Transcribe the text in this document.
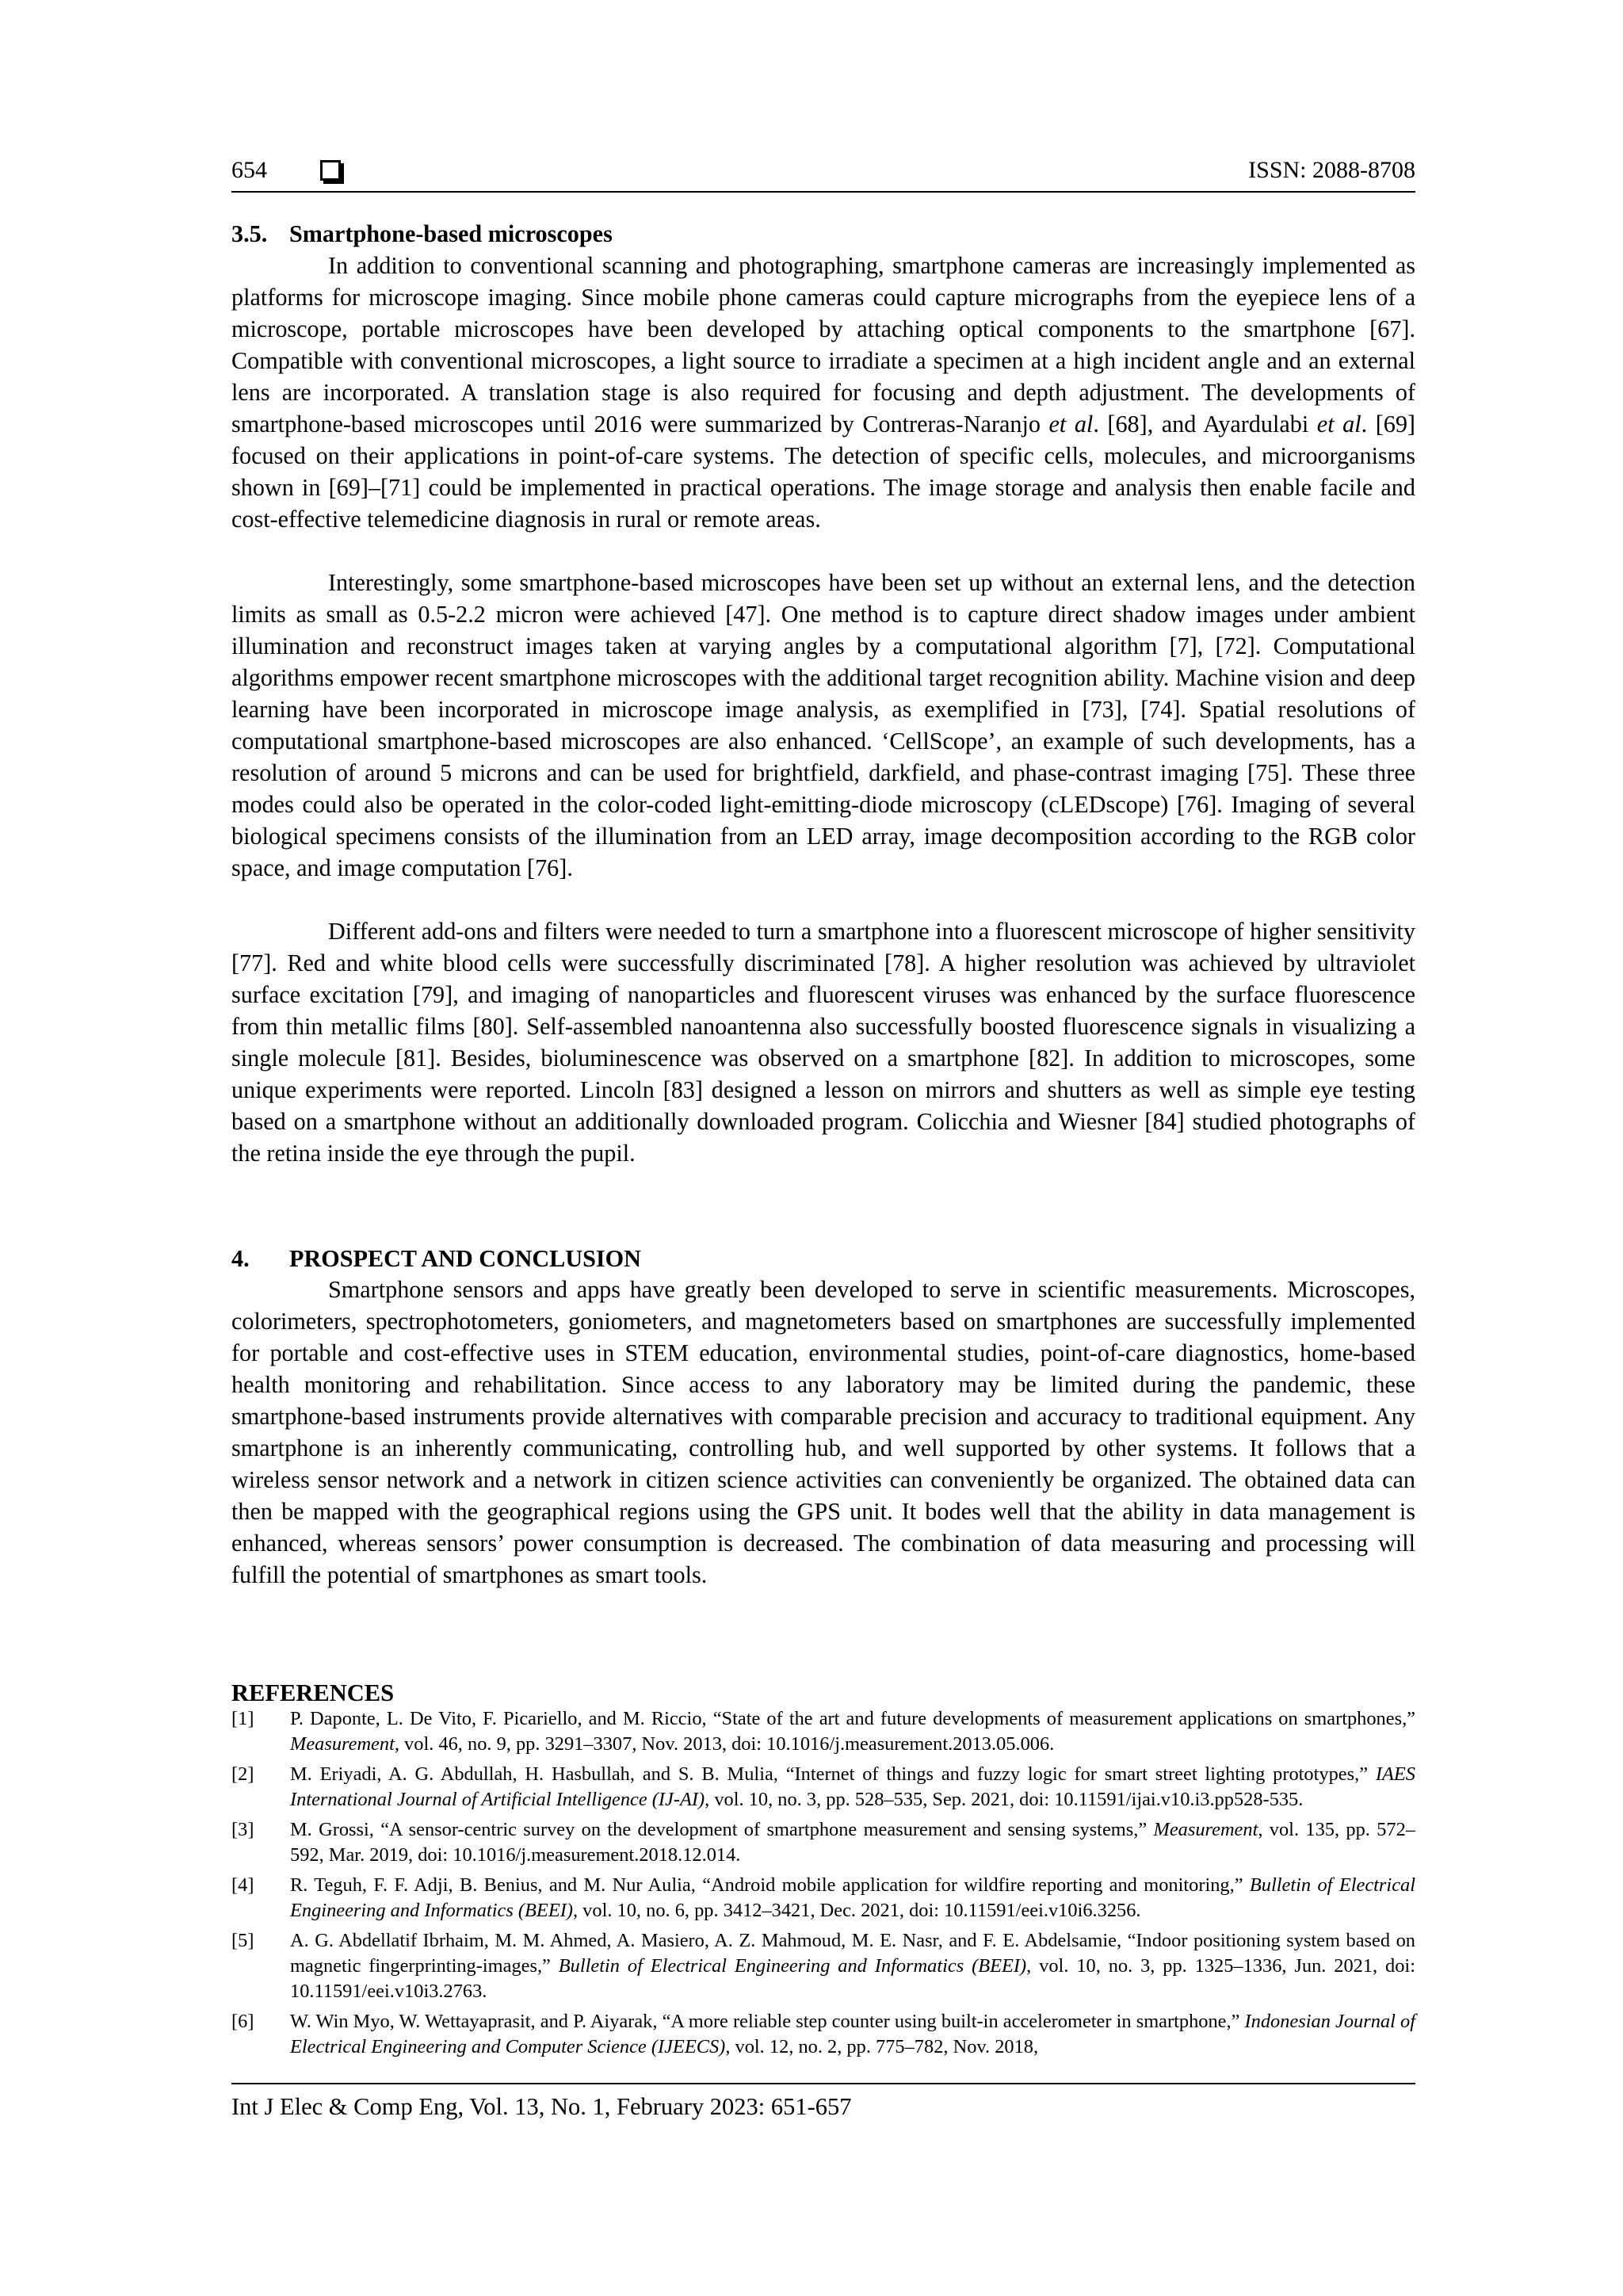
654	ISSN: 2088-8708
3.5. Smartphone-based microscopes

In addition to conventional scanning and photographing, smartphone cameras are increasingly implemented as platforms for microscope imaging. Since mobile phone cameras could capture micrographs from the eyepiece lens of a microscope, portable microscopes have been developed by attaching optical components to the smartphone [67]. Compatible with conventional microscopes, a light source to irradiate a specimen at a high incident angle and an external lens are incorporated. A translation stage is also required for focusing and depth adjustment. The developments of smartphone-based microscopes until 2016 were summarized by Contreras-Naranjo et al. [68], and Ayardulabi et al. [69] focused on their applications in point-of-care systems. The detection of specific cells, molecules, and microorganisms shown in [69]–[71] could be implemented in practical operations. The image storage and analysis then enable facile and cost-effective telemedicine diagnosis in rural or remote areas.

Interestingly, some smartphone-based microscopes have been set up without an external lens, and the detection limits as small as 0.5-2.2 micron were achieved [47]. One method is to capture direct shadow images under ambient illumination and reconstruct images taken at varying angles by a computational algorithm [7], [72]. Computational algorithms empower recent smartphone microscopes with the additional target recognition ability. Machine vision and deep learning have been incorporated in microscope image analysis, as exemplified in [73], [74]. Spatial resolutions of computational smartphone-based microscopes are also enhanced. ‘CellScope’, an example of such developments, has a resolution of around 5 microns and can be used for brightfield, darkfield, and phase-contrast imaging [75]. These three modes could also be operated in the color-coded light-emitting-diode microscopy (cLEDscope) [76]. Imaging of several biological specimens consists of the illumination from an LED array, image decomposition according to the RGB color space, and image computation [76].

Different add-ons and filters were needed to turn a smartphone into a fluorescent microscope of higher sensitivity [77]. Red and white blood cells were successfully discriminated [78]. A higher resolution was achieved by ultraviolet surface excitation [79], and imaging of nanoparticles and fluorescent viruses was enhanced by the surface fluorescence from thin metallic films [80]. Self-assembled nanoantenna also successfully boosted fluorescence signals in visualizing a single molecule [81]. Besides, bioluminescence was observed on a smartphone [82]. In addition to microscopes, some unique experiments were reported. Lincoln [83] designed a lesson on mirrors and shutters as well as simple eye testing based on a smartphone without an additionally downloaded program. Colicchia and Wiesner [84] studied photographs of the retina inside the eye through the pupil.

4. PROSPECT AND CONCLUSION

Smartphone sensors and apps have greatly been developed to serve in scientific measurements. Microscopes, colorimeters, spectrophotometers, goniometers, and magnetometers based on smartphones are successfully implemented for portable and cost-effective uses in STEM education, environmental studies, point-of-care diagnostics, home-based health monitoring and rehabilitation. Since access to any laboratory may be limited during the pandemic, these smartphone-based instruments provide alternatives with comparable precision and accuracy to traditional equipment. Any smartphone is an inherently communicating, controlling hub, and well supported by other systems. It follows that a wireless sensor network and a network in citizen science activities can conveniently be organized. The obtained data can then be mapped with the geographical regions using the GPS unit. It bodes well that the ability in data management is enhanced, whereas sensors’ power consumption is decreased. The combination of data measuring and processing will fulfill the potential of smartphones as smart tools.

REFERENCES
[1]	P. Daponte, L. De Vito, F. Picariello, and M. Riccio, “State of the art and future developments of measurement applications on smartphones,” Measurement, vol. 46, no. 9, pp. 3291–3307, Nov. 2013, doi: 10.1016/j.measurement.2013.05.006.
[2]	M. Eriyadi, A. G. Abdullah, H. Hasbullah, and S. B. Mulia, “Internet of things and fuzzy logic for smart street lighting prototypes,” IAES International Journal of Artificial Intelligence (IJ-AI), vol. 10, no. 3, pp. 528–535, Sep. 2021, doi: 10.11591/ijai.v10.i3.pp528-535.
[3]	M. Grossi, “A sensor-centric survey on the development of smartphone measurement and sensing systems,” Measurement, vol. 135, pp. 572–592, Mar. 2019, doi: 10.1016/j.measurement.2018.12.014.
[4]	R. Teguh, F. F. Adji, B. Benius, and M. Nur Aulia, “Android mobile application for wildfire reporting and monitoring,” Bulletin of Electrical Engineering and Informatics (BEEI), vol. 10, no. 6, pp. 3412–3421, Dec. 2021, doi: 10.11591/eei.v10i6.3256.
[5]	A. G. Abdellatif Ibrhaim, M. M. Ahmed, A. Masiero, A. Z. Mahmoud, M. E. Nasr, and F. E. Abdelsamie, “Indoor positioning system based on magnetic fingerprinting-images,” Bulletin of Electrical Engineering and Informatics (BEEI), vol. 10, no. 3, pp. 1325–1336, Jun. 2021, doi: 10.11591/eei.v10i3.2763.
[6]	W. Win Myo, W. Wettayaprasit, and P. Aiyarak, “A more reliable step counter using built-in accelerometer in smartphone,” Indonesian Journal of Electrical Engineering and Computer Science (IJEECS), vol. 12, no. 2, pp. 775–782, Nov. 2018,
Int J Elec & Comp Eng, Vol. 13, No. 1, February 2023: 651-657
